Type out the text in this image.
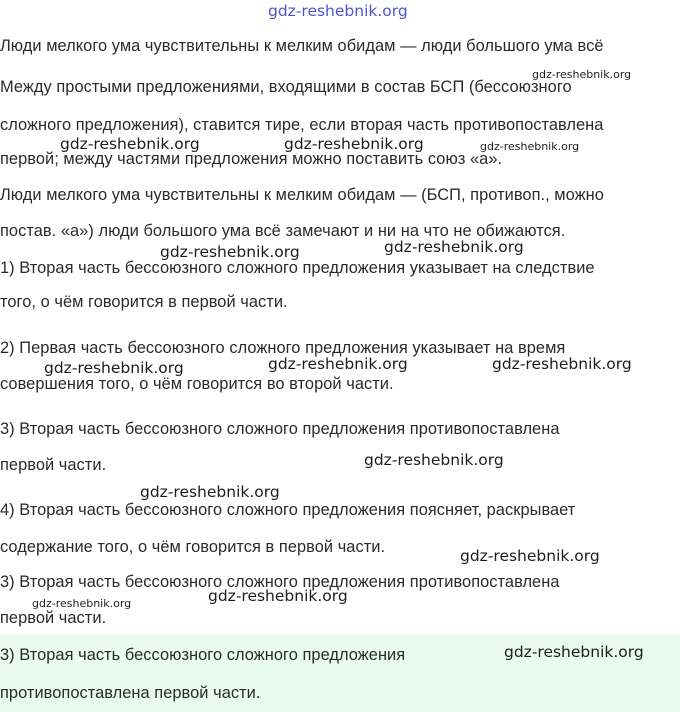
gdz-reshebnik.org
Люди мелкого ума чувствительны к мелким обидам — люди большого ума всё
Между простыми предложениями, входящими в состав БСП (бессоюзного
сложного предложения), ставится тире, если вторая часть противопоставлена
первой; между частями предложения можно поставить союз «а».
Люди мелкого ума чувствительны к мелким обидам — (БСП, противоп., можно
постав. «а») люди большого ума всё замечают и ни на что не обижаются.
1) Вторая часть бессоюзного сложного предложения указывает на следствие
того, о чём говорится в первой части.
2) Первая часть бессоюзного сложного предложения указывает на время
совершения того, о чём говорится во второй части.
3) Вторая часть бессоюзного сложного предложения противопоставлена
первой части.
4) Вторая часть бессоюзного сложного предложения поясняет, раскрывает
содержание того, о чём говорится в первой части.
3) Вторая часть бессоюзного сложного предложения противопоставлена
первой части.
3) Вторая часть бессоюзного сложного предложения
противопоставлена первой части.
gdz-reshebnik.org
gdz-reshebnik.org	gdz-reshebnik.org	gdz-reshebnik.org
gdz-reshebnik.org	gdz-reshebnik.org
gdz-reshebnik.org	gdz-reshebnik.org	gdz-reshebnik.org
gdz-reshebnik.org
gdz-reshebnik.org
gdz-reshebnik.org
gdz-reshebnik.org	gdz-reshebnik.org
gdz-reshebnik.org
